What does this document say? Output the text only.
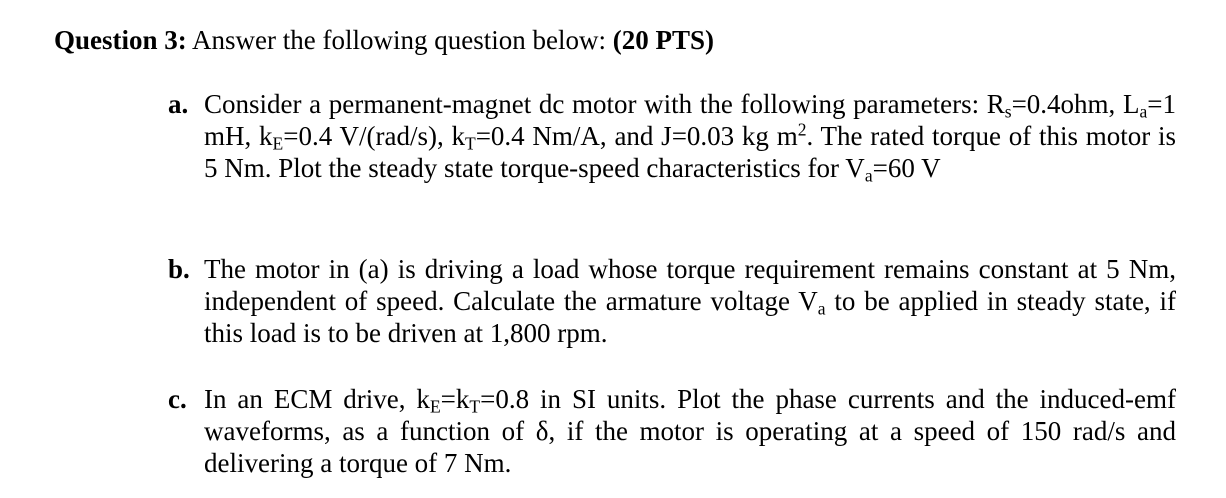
Question 3: Answer the following question below: (20 PTS)
a. Consider a permanent-magnet dc motor with the following parameters: $R_s=0.4ohm$, $L_a=1$ mH, $k_E=0.4$ V/(rad/s), $k_T=0.4$ Nm/A, and J=0.03 kg $m^2$. The rated torque of this motor is 5 Nm. Plot the steady state torque-speed characteristics for $V_a=60$ V
b. The motor in (a) is driving a load whose torque requirement remains constant at 5 Nm, independent of speed. Calculate the armature voltage $V_a$ to be applied in steady state, if this load is to be driven at 1,800 rpm.
c. In an ECM drive, $k_E=k_T=0.8$ in SI units. Plot the phase currents and the induced-emf waveforms, as a function of δ, if the motor is operating at a speed of 150 rad/s and delivering a torque of 7 Nm.
